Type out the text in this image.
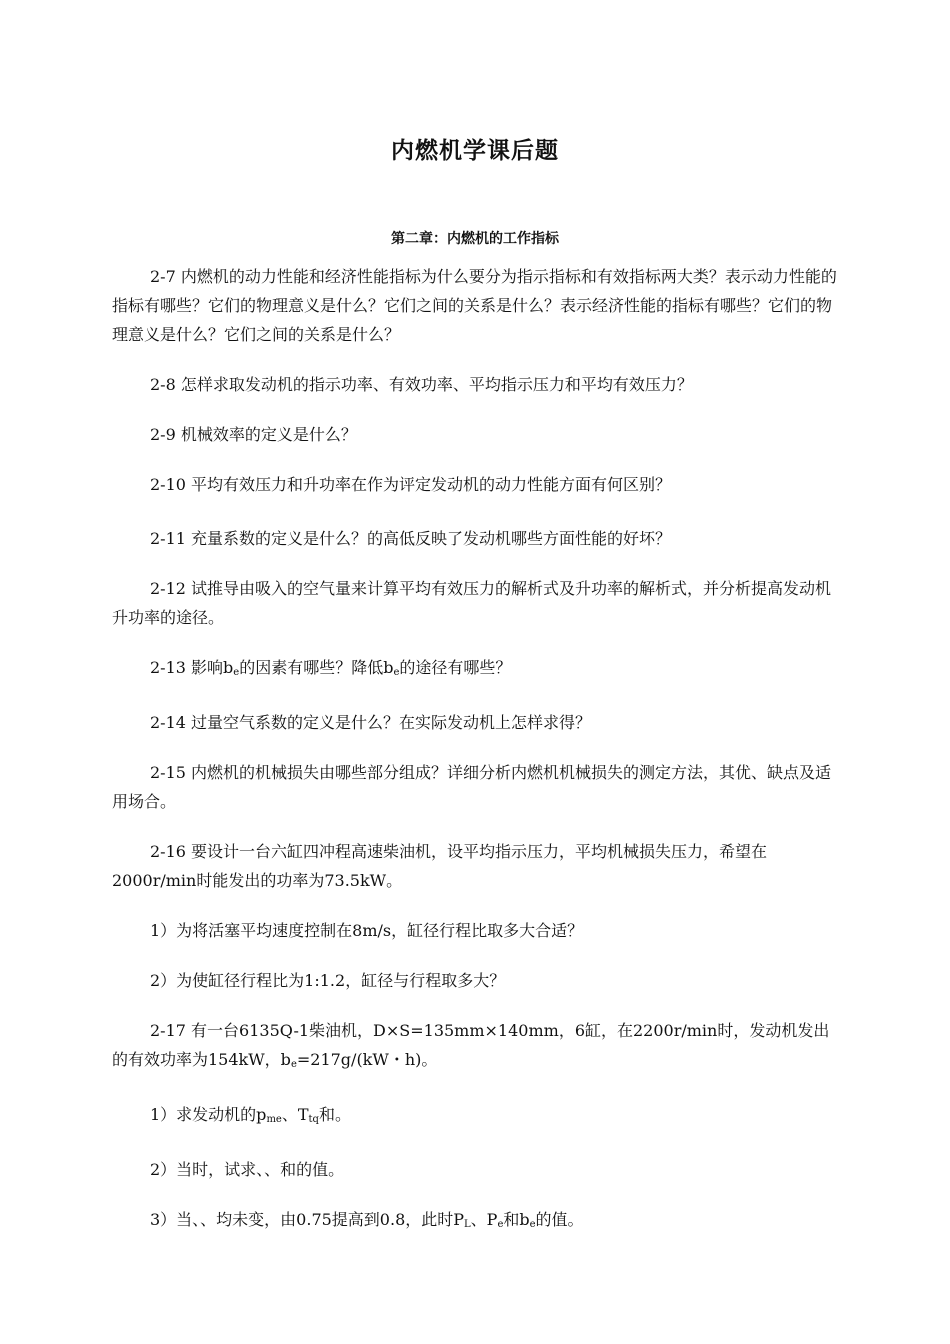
内燃机学课后题
第二章：内燃机的工作指标

2-7 内燃机的动力性能和经济性能指标为什么要分为指示指标和有效指标两大类？表示动力性能的指标有哪些？它们的物理意义是什么？它们之间的关系是什么？表示经济性能的指标有哪些？它们的物理意义是什么？它们之间的关系是什么？

2-8 怎样求取发动机的指示功率、有效功率、平均指示压力和平均有效压力？

2-9 机械效率的定义是什么？

2-10 平均有效压力和升功率在作为评定发动机的动力性能方面有何区别？

2-11 充量系数的定义是什么？的高低反映了发动机哪些方面性能的好坏？

2-12 试推导由吸入的空气量来计算平均有效压力的解析式及升功率的解析式，并分析提高发动机升功率的途径。

2-13 影响$b_e$的因素有哪些？降低$b_e$的途径有哪些？

2-14 过量空气系数的定义是什么？在实际发动机上怎样求得？

2-15 内燃机的机械损失由哪些部分组成？详细分析内燃机机械损失的测定方法，其优、缺点及适用场合。

2-16 要设计一台六缸四冲程高速柴油机，设平均指示压力，平均机械损失压力，希望在2000r/min时能发出的功率为73.5kW。

1）为将活塞平均速度控制在8m/s，缸径行程比取多大合适？

2）为使缸径行程比为1:1.2，缸径与行程取多大？

2-17 有一台6135Q-1柴油机，D×S=135mm×140mm，6缸，在2200r/min时，发动机发出的有效功率为154kW，$b_e=217g/(kW$・h)。

1）求发动机的$p_{me}$、$T_{tq}$和。

2）当时，试求、、和的值。

3）当、、均未变，由0.75提高到0.8，此时$P_L$、$P_e$和$b_e$的值。
